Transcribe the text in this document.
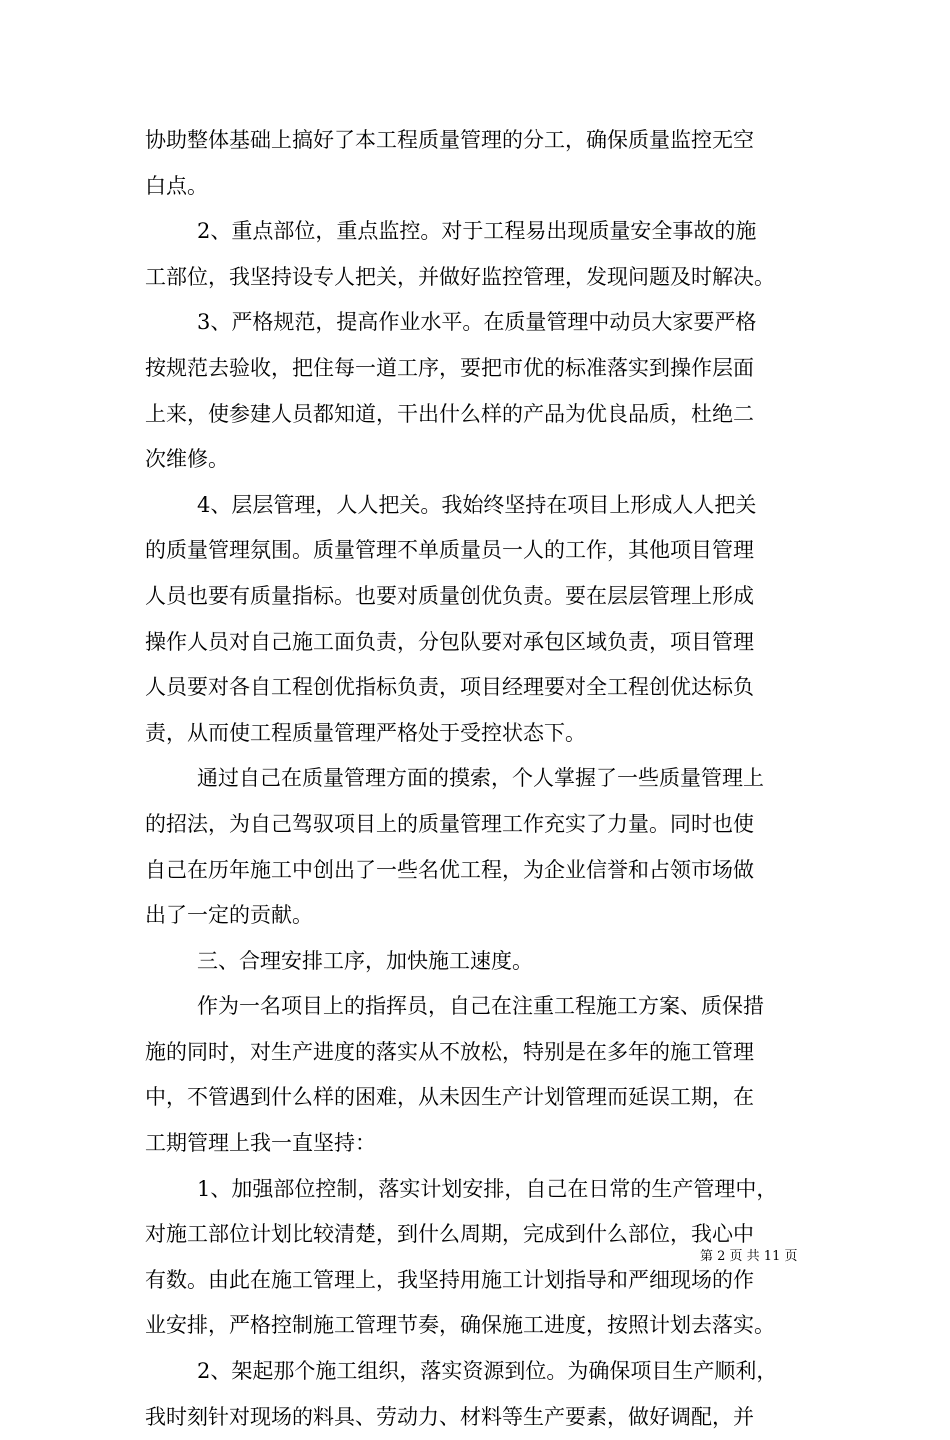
协助整体基础上搞好了本工程质量管理的分工，确保质量监控无空
白点。
2、重点部位，重点监控。对于工程易出现质量安全事故的施
工部位，我坚持设专人把关，并做好监控管理，发现问题及时解决。
3、严格规范，提高作业水平。在质量管理中动员大家要严格
按规范去验收，把住每一道工序，要把市优的标准落实到操作层面
上来，使参建人员都知道，干出什么样的产品为优良品质，杜绝二
次维修。
4、层层管理，人人把关。我始终坚持在项目上形成人人把关
的质量管理氛围。质量管理不单质量员一人的工作，其他项目管理
人员也要有质量指标。也要对质量创优负责。要在层层管理上形成
操作人员对自己施工面负责，分包队要对承包区域负责，项目管理
人员要对各自工程创优指标负责，项目经理要对全工程创优达标负
责，从而使工程质量管理严格处于受控状态下。
通过自己在质量管理方面的摸索，个人掌握了一些质量管理上
的招法，为自己驾驭项目上的质量管理工作充实了力量。同时也使
自己在历年施工中创出了一些名优工程，为企业信誉和占领市场做
出了一定的贡献。
三、合理安排工序，加快施工速度。
作为一名项目上的指挥员，自己在注重工程施工方案、质保措
施的同时，对生产进度的落实从不放松，特别是在多年的施工管理
中，不管遇到什么样的困难，从未因生产计划管理而延误工期，在
工期管理上我一直坚持：
1、加强部位控制，落实计划安排，自己在日常的生产管理中，
对施工部位计划比较清楚，到什么周期，完成到什么部位，我心中
有数。由此在施工管理上，我坚持用施工计划指导和严细现场的作
业安排，严格控制施工管理节奏，确保施工进度，按照计划去落实。
2、架起那个施工组织，落实资源到位。为确保项目生产顺利，
我时刻针对现场的料具、劳动力、材料等生产要素，做好调配，并
第 2 页 共 11 页
